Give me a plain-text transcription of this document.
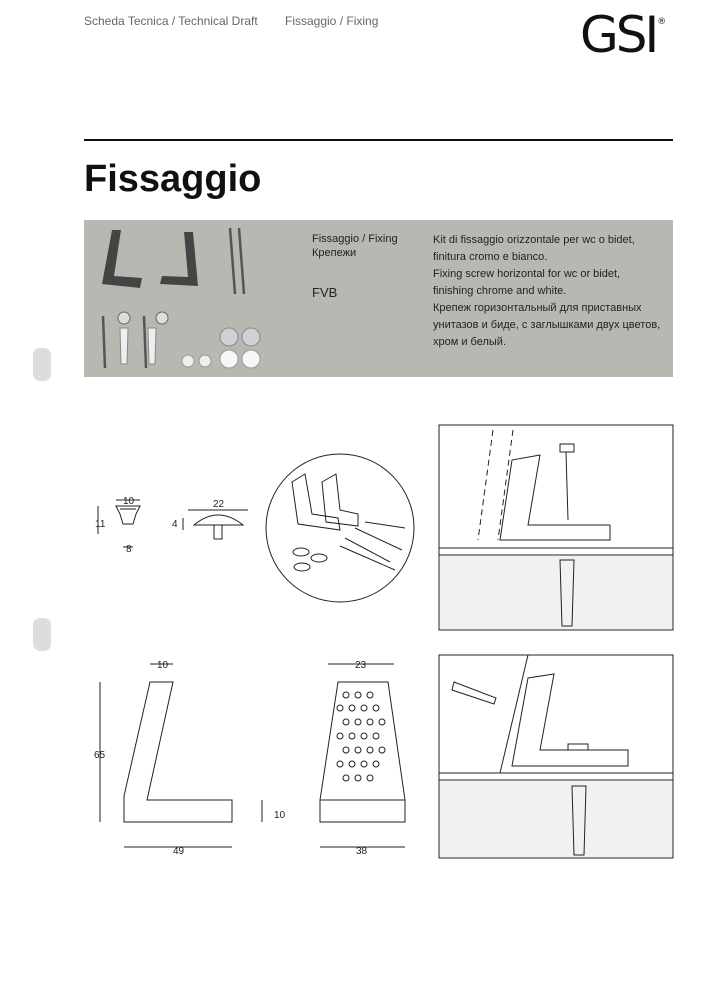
Scheda Tecnica / Technical Draft Fissaggio / Fixing	GSI ®
Fissaggio
Fissaggio / Fixing
Крепежи
FVB
Kit di fissaggio orizzontale per wc o bidet,
finitura cromo e bianco.
Fixing screw horizontal for wc or bidet,
finishing chrome and white.
Крепеж горизонтальный для приставных
унитазов и биде, с заглышками двух цветов,
хром и белый.
10
11
8
22
4
10
65
10
49
23
38
